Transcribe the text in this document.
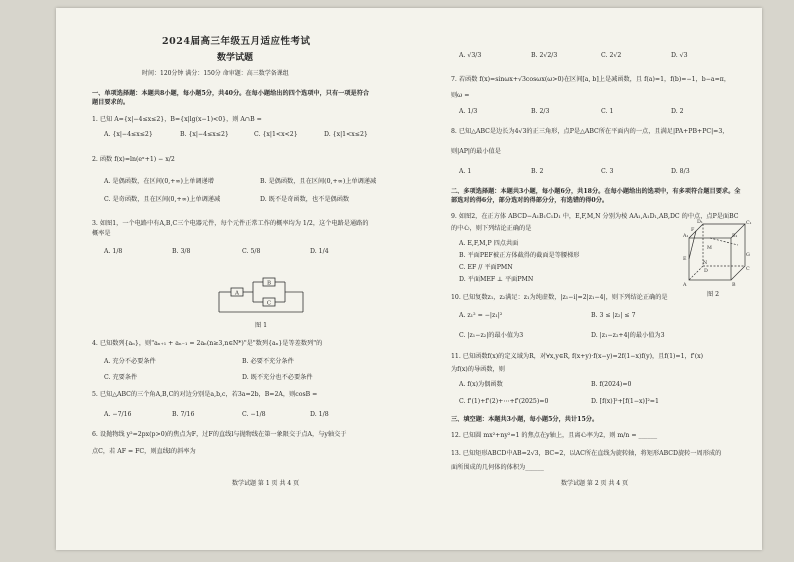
2024届高三年级五月适应性考试
数学试题
时间：120分钟 满分：150分 命审题：高三数学备课组
一、单项选择题：本题共8小题，每小题5分，共40分。在每小题给出的四个选项中，只有一项是符合
题目要求的。
1. 已知 A={x|−4≤x≤2}，B={x|lg(x−1)<0}，则 A∩B =
A. {x|−4≤x≤2}	B. {x|−4≤x≤2}	C. {x|1<x<2}	D. {x|1<x≤2}
2. 函数 f(x)=ln(eˣ+1) − x/2
A. 是偶函数，在区间(0,+∞)上单调递增	B. 是偶函数，且在区间(0,+∞)上单调递减
C. 是奇函数，且在区间(0,+∞)上单调递减	D. 既不是奇函数，也不是偶函数
3. 如图1，一个电路中有A,B,C三个电器元件，每个元件正常工作的概率均为 1/2，这个电路是通路的
概率是
A. 1/8	B. 3/8	C. 5/8	D. 1/4
A
B
C
图 1
4. 已知数列{aₙ}，则"aₙ₊₁ + aₙ₋₁ = 2aₙ(n≥3,n∈N*)"是"数列{aₙ}是等差数列"的
A. 充分不必要条件	B. 必要不充分条件
C. 充要条件	D. 既不充分也不必要条件
5. 已知△ABC的三个角A,B,C的对边分别是a,b,c，若3a=2b，B=2A，则cosB =
A. −7/16	B. 7/16	C. −1/8	D. 1/8
6. 设抛物线 y²=2px(p>0)的焦点为F，过F的直线l与抛物线在第一象限交于点A，与y轴交于
点C，若 AF = FC，则直线l的斜率为
数学试题 第 1 页 共 4 页
A. √3/3	B. 2√2/3	C. 2√2	D. √3
7. 若函数 f(x)=sinωx+√3cosωx(ω>0)在区间[a, b]上是减函数，且 f(a)=1，f(b)=−1，b−a=π，
则ω =
A. 1/3	B. 2/3	C. 1	D. 2
8. 已知△ABC是边长为4√3的正三角形，点P是△ABC所在平面内的一点，且满足|PA+PB+PC|=3，
则|AP|的最小值是
A. 1	B. 2	C. 3	D. 8/3
二、多项选择题：本题共3小题，每小题6分，共18分。在每小题给出的选项中，有多项符合题目要求。全
部选对的得6分，部分选对的得部分分，有选错的得0分。
9. 如图2，在正方体 ABCD−A₁B₁C₁D₁ 中，E,F,M,N 分别为棱 AA₁,A₁D₁,AB,DC 的中点，点P是面BC
的中心，则下列结论正确的是
A. E,F,M,P 四点共面
B. 平面PEF被正方体截得的截面是等腰梯形
C. EF // 平面PMN
D. 平面MEF ⊥ 平面PMN
D₁	C₁
A₁	B₁
F
M
E
N
A	B
C
D
G
图 2
10. 已知复数z₁，z₂满足：z₁为纯虚数，|z₁−i|=2|z₁−4|，则下列结论正确的是
A. z₁² = −|z₁|²	B. 3 ≤ |z₂| ≤ 7
C. |z₁−z₂|的最小值为3	D. |z₁−z₂+4|的最小值为3
11. 已知函数f(x)的定义域为R，对∀x,y∈R, f(x+y)·f(x−y)=2f(1−x)f(y)，且f(1)=1，f'(x)
为f(x)的导函数，则
A. f(x)为偶函数	B. f(2024)=0
C. f'(1)+f'(2)+⋯+f'(2025)=0	D. [f(x)]²+[f(1−x)]²=1
三、填空题：本题共3小题，每小题5分，共计15分。
12. 已知圆 mx²+ny²=1 的焦点在y轴上，且离心率为2，则 m/n = ______
13. 已知矩形ABCD中AB=2√3，BC=2，以AC所在直线为旋转轴，将矩形ABCD旋转一周形成的
面所围成的几何体的体积为______
数学试题 第 2 页 共 4 页
